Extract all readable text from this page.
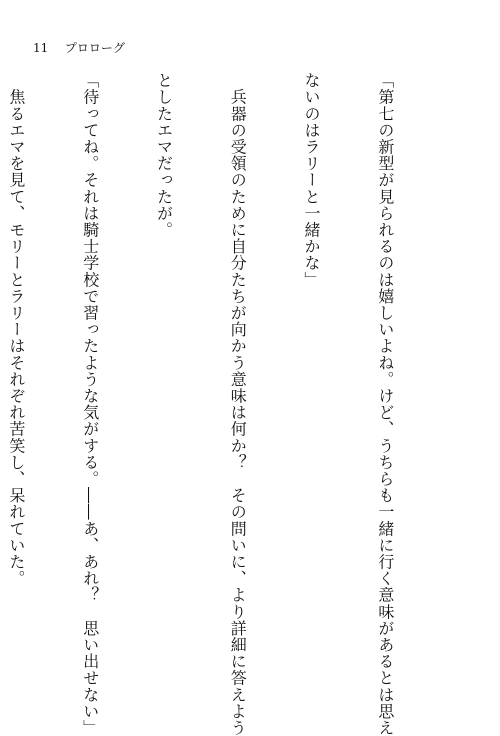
11 プロローグ

「第七の新型が見られるのは嬉しいよね。けど、うちらも一緒に行く意味があるとは思え

ないのはラリーと一緒かな」

　兵器の受領のために自分たちが向かう意味は何か？　その問いに、より詳細に答えよう

としたエマだったが。

「待ってね。それは騎士学校で習ったような気がする。――あ、あれ？　思い出せない」

　焦るエマを見て、モリーとラリーはそれぞれ苦笑し、呆れていた。
